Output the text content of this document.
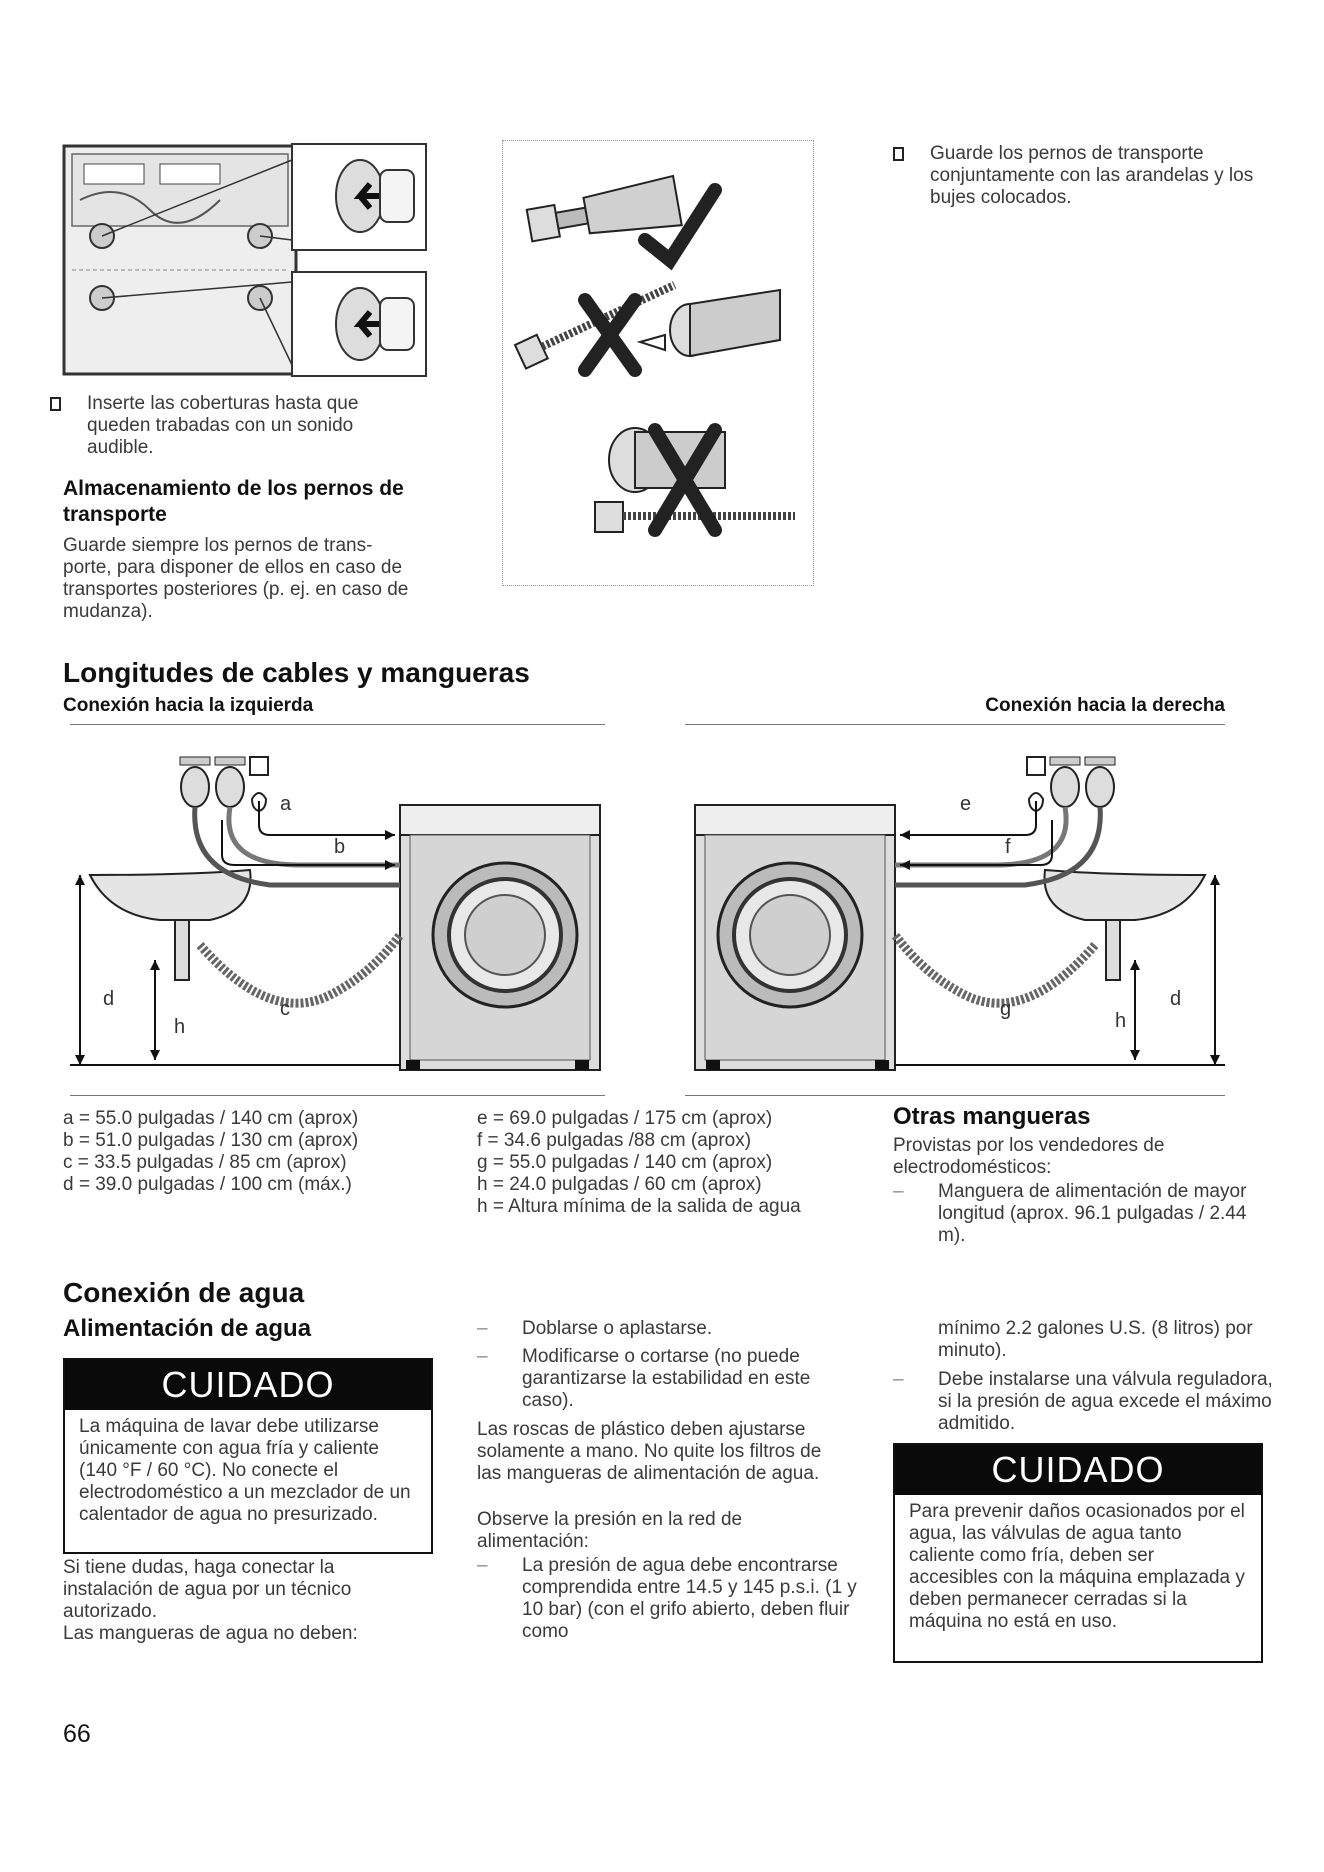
Inserte las coberturas hasta que queden trabadas con un sonido audible.
Almacenamiento de los pernos de transporte
Guarde siempre los pernos de trans-porte, para disponer de ellos en caso de transportes posteriores (p. ej. en caso de mudanza).
Guarde los pernos de transporte conjuntamente con las arandelas y los bujes colocados.
Longitudes de cables y mangueras
Conexión hacia la izquierda	Conexión hacia la derecha
a
b
c
d
h
e
f
g
h
d
a = 55.0 pulgadas / 140 cm (aprox)
b = 51.0 pulgadas / 130 cm (aprox)
c = 33.5 pulgadas / 85 cm (aprox)
d = 39.0 pulgadas / 100 cm (máx.)
e = 69.0 pulgadas / 175 cm (aprox)
f = 34.6 pulgadas /88 cm (aprox)
g = 55.0 pulgadas / 140 cm (aprox)
h = 24.0 pulgadas / 60 cm (aprox)
h = Altura mínima de la salida de agua
Otras mangueras
Provistas por los vendedores de electrodomésticos:
–	Manguera de alimentación de mayor longitud (aprox. 96.1 pulgadas / 2.44 m).
Conexión de agua
Alimentación de agua
CUIDADO
La máquina de lavar debe utilizarse únicamente con agua fría y caliente (140 °F / 60 °C). No conecte el electrodoméstico a un mezclador de un calentador de agua no presurizado.
Si tiene dudas, haga conectar la instalación de agua por un técnico autorizado.
Las mangueras de agua no deben:
–	Doblarse o aplastarse.
–	Modificarse o cortarse (no puede garantizarse la estabilidad en este caso).
Las roscas de plástico deben ajustarse solamente a mano. No quite los filtros de las mangueras de alimentación de agua.
Observe la presión en la red de alimentación:
–	La presión de agua debe encontrarse comprendida entre 14.5 y 145 p.s.i. (1 y 10 bar) (con el grifo abierto, deben fluir como
mínimo 2.2 galones U.S. (8 litros) por minuto).
–	Debe instalarse una válvula reguladora, si la presión de agua excede el máximo admitido.
CUIDADO
Para prevenir daños ocasionados por el agua, las válvulas de agua tanto caliente como fría, deben ser accesibles con la máquina emplazada y deben permanecer cerradas si la máquina no está en uso.
66
